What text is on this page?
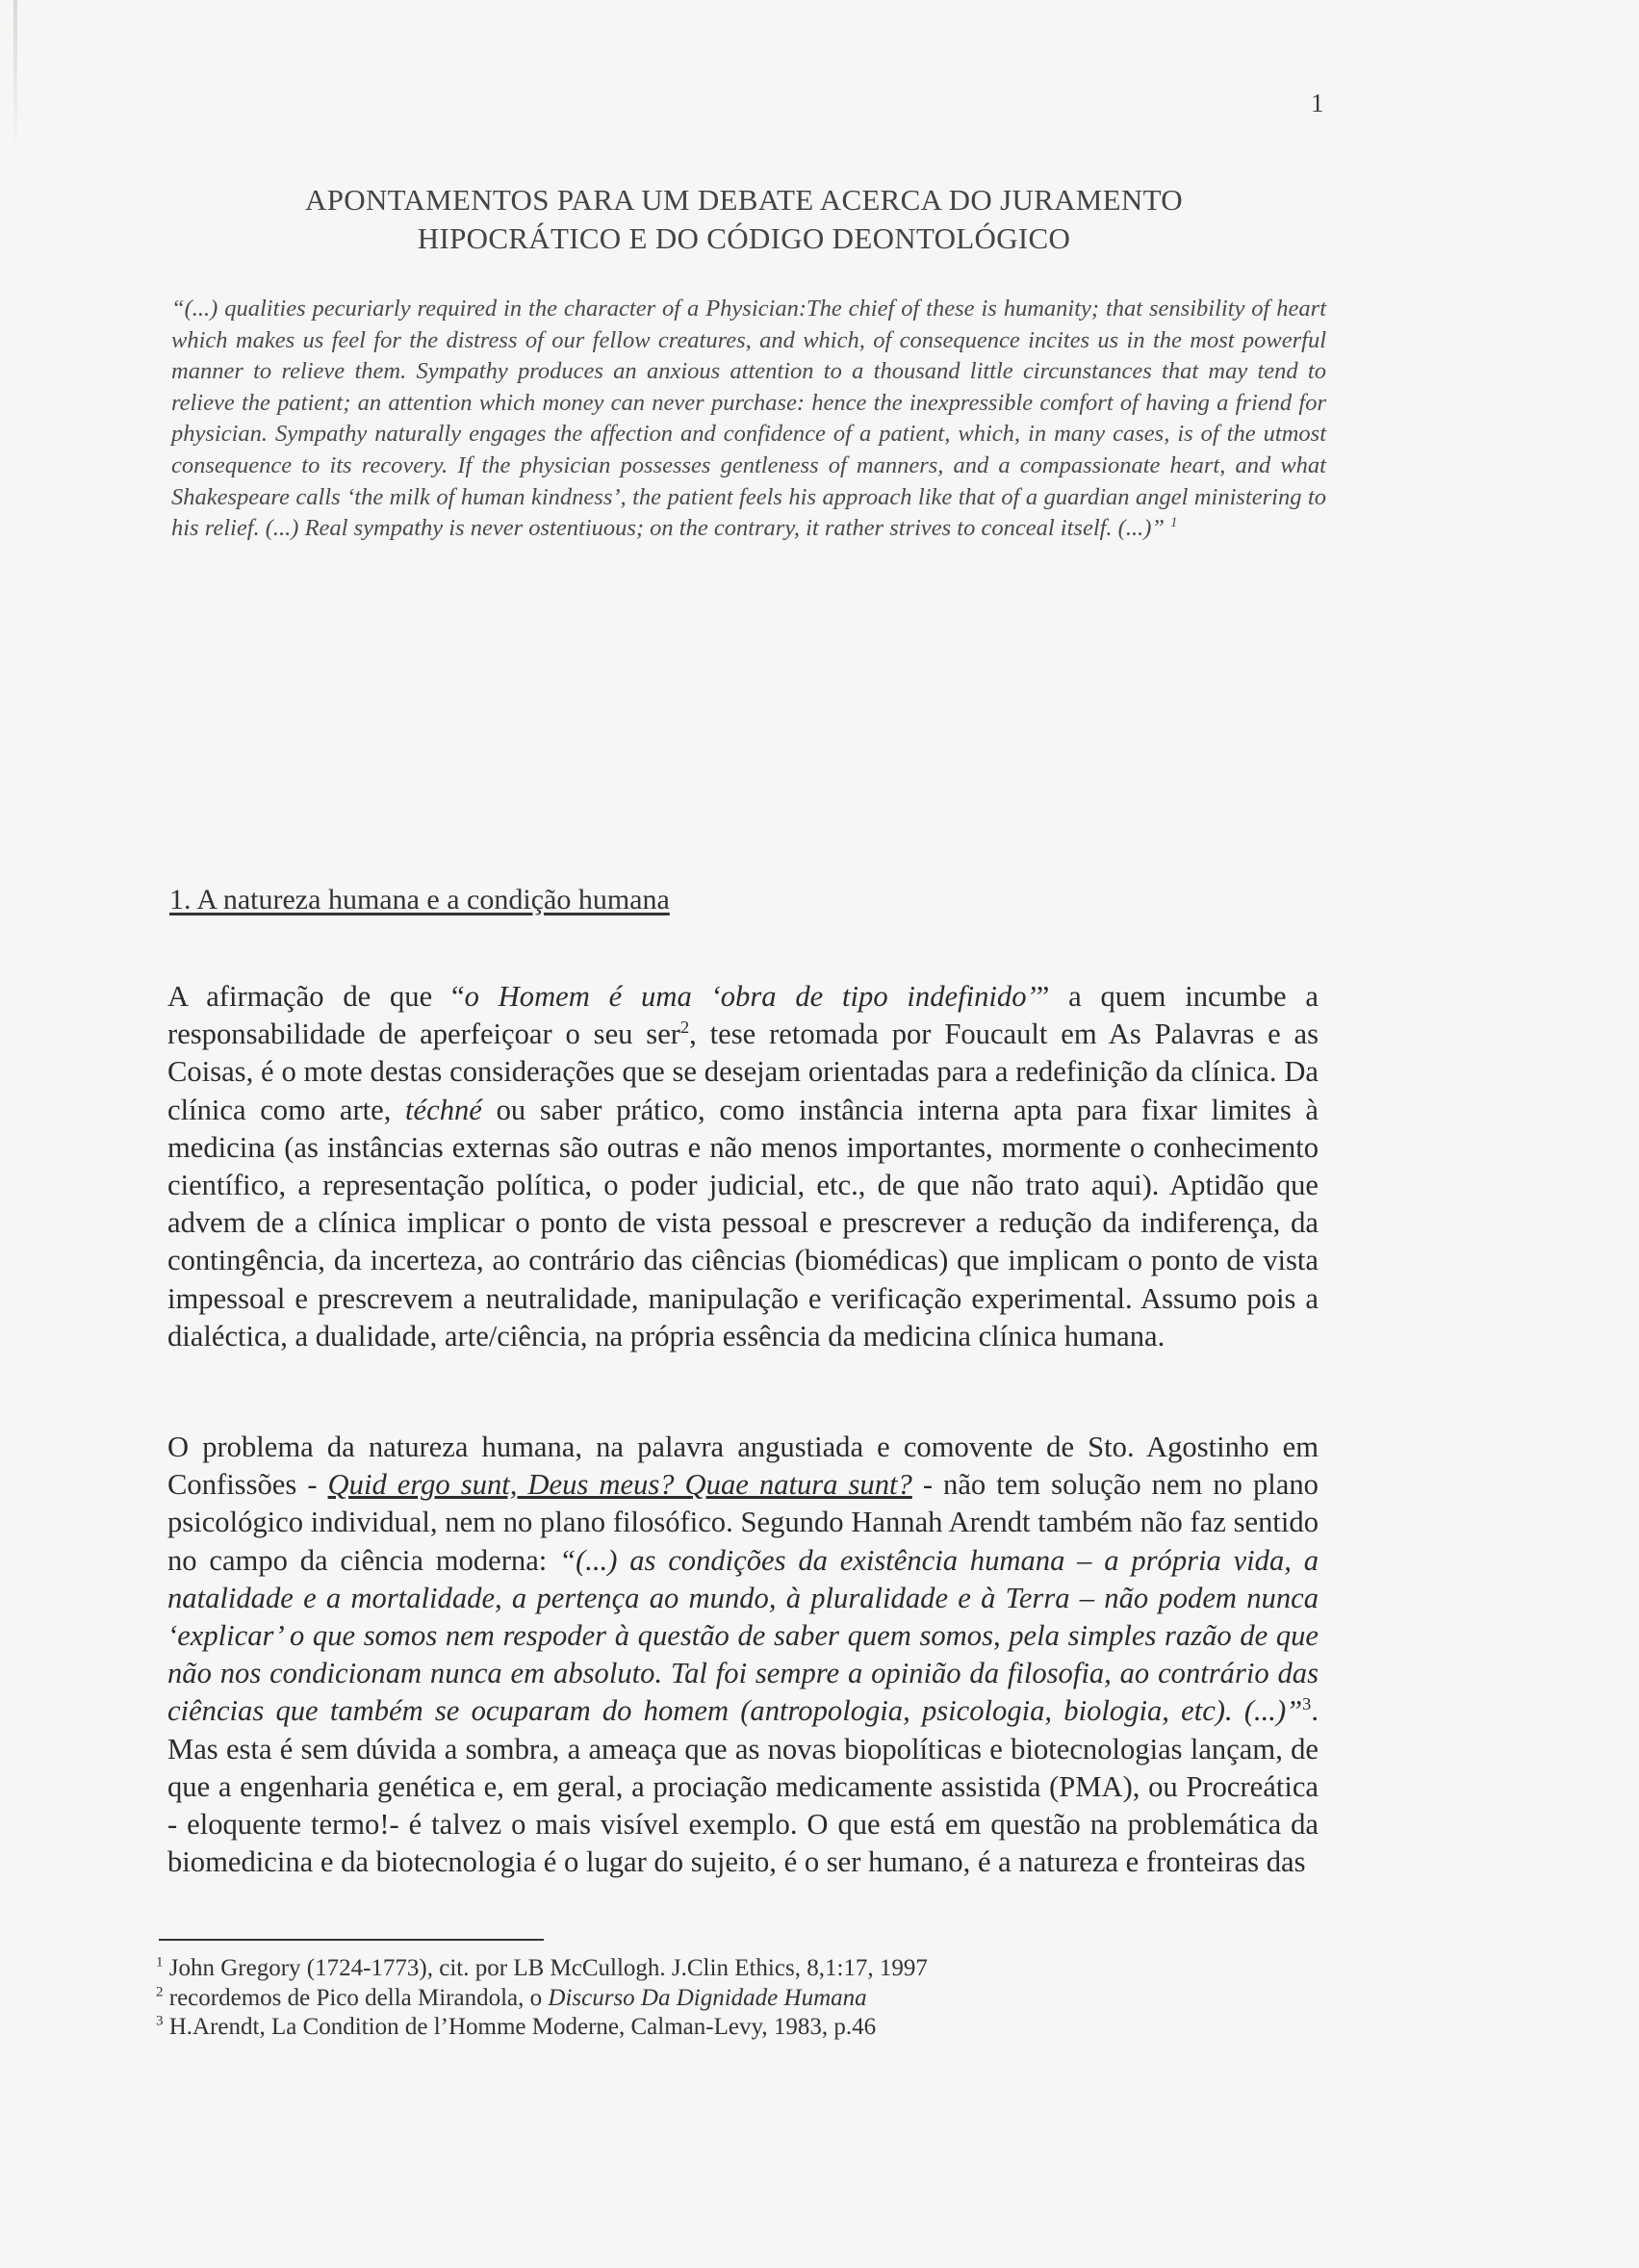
1
APONTAMENTOS PARA UM DEBATE ACERCA DO JURAMENTO
HIPOCRÁTICO E DO CÓDIGO DEONTOLÓGICO
“(...) qualities pecuriarly required in the character of a Physician:The chief of these is humanity; that sensibility of heart which makes us feel for the distress of our fellow creatures, and which, of consequence incites us in the most powerful manner to relieve them. Sympathy produces an anxious attention to a thousand little circunstances that may tend to relieve the patient; an attention which money can never purchase: hence the inexpressible comfort of having a friend for physician. Sympathy naturally engages the affection and confidence of a patient, which, in many cases, is of the utmost consequence to its recovery. If the physician possesses gentleness of manners, and a compassionate heart, and what Shakespeare calls ‘the milk of human kindness’, the patient feels his approach like that of a guardian angel ministering to his relief. (...) Real sympathy is never ostentiuous; on the contrary, it rather strives to conceal itself. (...)” $^1$
1. A natureza humana e a condição humana
A afirmação de que “o Homem é uma ‘obra de tipo indefinido’” a quem incumbe a responsabilidade de aperfeiçoar o seu ser$^2$, tese retomada por Foucault em As Palavras e as Coisas, é o mote destas considerações que se desejam orientadas para a redefinição da clínica. Da clínica como arte, téchné ou saber prático, como instância interna apta para fixar limites à medicina (as instâncias externas são outras e não menos importantes, mormente o conhecimento científico, a representação política, o poder judicial, etc., de que não trato aqui). Aptidão que advem de a clínica implicar o ponto de vista pessoal e prescrever a redução da indiferença, da contingência, da incerteza, ao contrário das ciências (biomédicas) que implicam o ponto de vista impessoal e prescrevem a neutralidade, manipulação e verificação experimental. Assumo pois a dialéctica, a dualidade, arte/ciência, na própria essência da medicina clínica humana.
O problema da natureza humana, na palavra angustiada e comovente de Sto. Agostinho em Confissões - Quid ergo sunt, Deus meus? Quae natura sunt? - não tem solução nem no plano psicológico individual, nem no plano filosófico. Segundo Hannah Arendt também não faz sentido no campo da ciência moderna: “(...) as condições da existência humana – a própria vida, a natalidade e a mortalidade, a pertença ao mundo, à pluralidade e à Terra – não podem nunca ‘explicar’ o que somos nem respoder à questão de saber quem somos, pela simples razão de que não nos condicionam nunca em absoluto. Tal foi sempre a opinião da filosofia, ao contrário das ciências que também se ocuparam do homem (antropologia, psicologia, biologia, etc). (...)”$^3$. Mas esta é sem dúvida a sombra, a ameaça que as novas biopolíticas e biotecnologias lançam, de que a engenharia genética e, em geral, a prociação medicamente assistida (PMA), ou Procreática - eloquente termo!- é talvez o mais visível exemplo. O que está em questão na problemática da biomedicina e da biotecnologia é o lugar do sujeito, é o ser humano, é a natureza e fronteiras das
$^1$ John Gregory (1724-1773), cit. por LB McCullogh. J.Clin Ethics, 8,1:17, 1997
$^2$ recordemos de Pico della Mirandola, o Discurso Da Dignidade Humana
$^3$ H.Arendt, La Condition de l’Homme Moderne, Calman-Levy, 1983, p.46
